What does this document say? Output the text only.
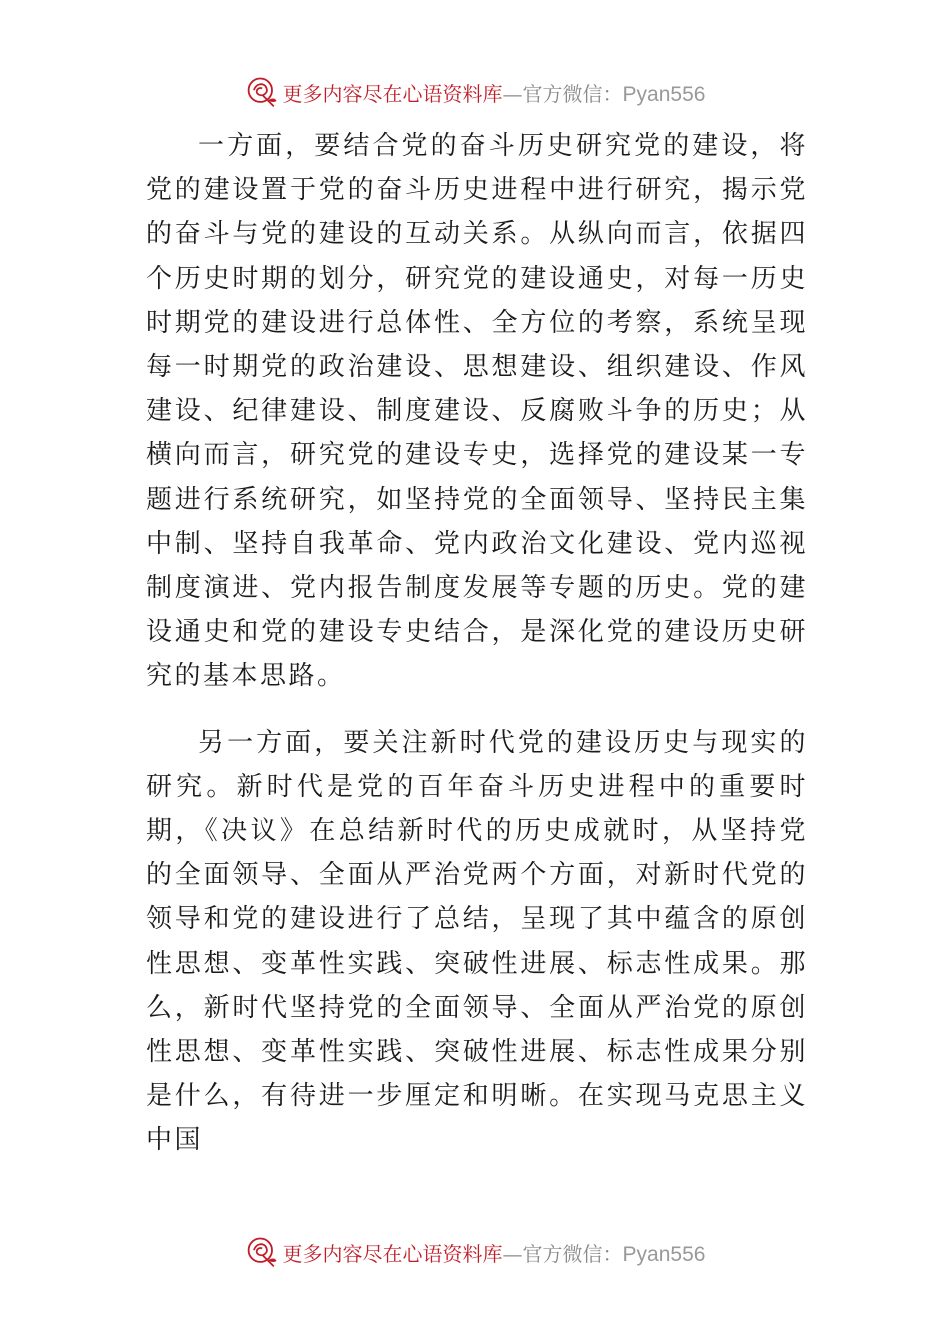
更多内容尽在心语资料库—官方微信：Pyan556

一方面，要结合党的奋斗历史研究党的建设，将党的建设置于党的奋斗历史进程中进行研究，揭示党的奋斗与党的建设的互动关系。从纵向而言，依据四个历史时期的划分，研究党的建设通史，对每一历史时期党的建设进行总体性、全方位的考察，系统呈现每一时期党的政治建设、思想建设、组织建设、作风建设、纪律建设、制度建设、反腐败斗争的历史；从横向而言，研究党的建设专史，选择党的建设某一专题进行系统研究，如坚持党的全面领导、坚持民主集中制、坚持自我革命、党内政治文化建设、党内巡视制度演进、党内报告制度发展等专题的历史。党的建设通史和党的建设专史结合，是深化党的建设历史研究的基本思路。

另一方面，要关注新时代党的建设历史与现实的研究。新时代是党的百年奋斗历史进程中的重要时期，《决议》在总结新时代的历史成就时，从坚持党的全面领导、全面从严治党两个方面，对新时代党的领导和党的建设进行了总结，呈现了其中蕴含的原创性思想、变革性实践、突破性进展、标志性成果。那么，新时代坚持党的全面领导、全面从严治党的原创性思想、变革性实践、突破性进展、标志性成果分别是什么，有待进一步厘定和明晰。在实现马克思主义中国

更多内容尽在心语资料库—官方微信：Pyan556
